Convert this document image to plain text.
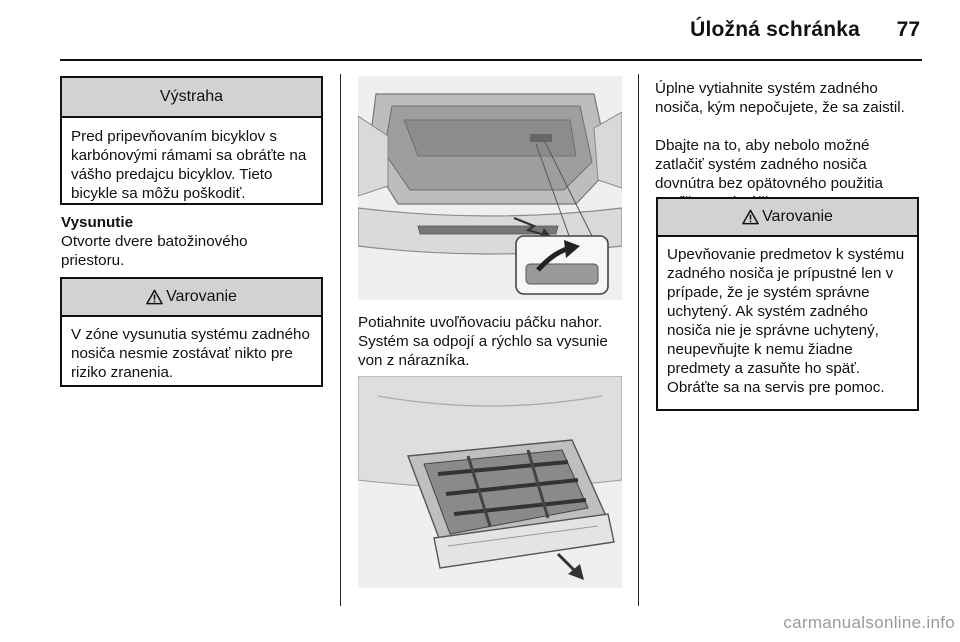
Úložná schránka	77
Výstraha
Pred pripevňovaním bicyklov s karbónovými rámami sa obráťte na vášho predajcu bicyklov. Tieto bicykle sa môžu poškodiť.
Vysunutie
Otvorte dvere batožinového priestoru.
Varovanie
V zóne vysunutia systému zadného nosiča nesmie zostávať nikto pre riziko zranenia.
Potiahnite uvoľňovaciu páčku nahor. Systém sa odpojí a rýchlo sa vysunie von z nárazníka.
Úplne vytiahnite systém zadného nosiča, kým nepočujete, že sa zaistil.
Dbajte na to, aby nebolo možné zatlačiť systém zadného nosiča dovnútra bez opätovného použitia
Varovanie
Upevňovanie predmetov k systému zadného nosiča je prípustné len v prípade, že je systém správne uchytený. Ak systém zadného nosiča nie je správne uchytený, neupevňujte k nemu žiadne predmety a zasuňte ho späť. Obráťte sa na servis pre pomoc.
carmanualsonline.info
